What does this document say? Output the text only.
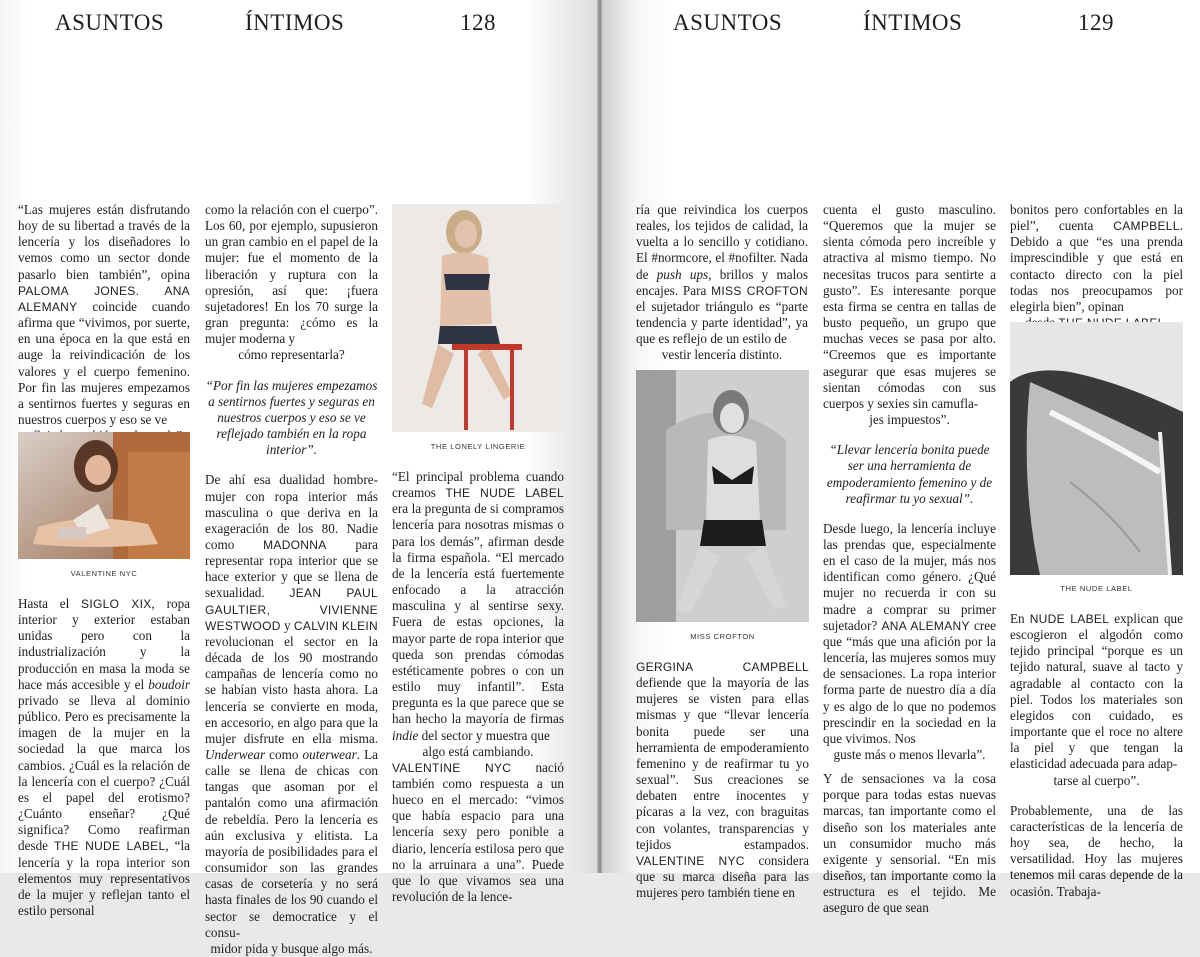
ASUNTOS	ÍNTIMOS	128

“Las mujeres están disfrutando hoy de su libertad a través de la lencería y los diseñadores lo vemos como un sector donde pasarlo bien también”, opina PALOMA JONES. ANA ALEMANY coincide cuando afirma que “vivimos, por suerte, en una época en la que está en auge la reivindicación de los valores y el cuerpo femenino. Por fin las mujeres empezamos a sentirnos fuertes y seguras en nuestros cuerpos y eso se ve

VALENTINE NYC

Hasta el SIGLO XIX, ropa interior y exterior estaban unidas pero con la industrialización y la producción en masa la moda se hace más accesible y el boudoir privado se lleva al dominio público. Pero es precisamente la imagen de la mujer en la sociedad la que marca los cambios. ¿Cuál es la relación de la lencería con el cuerpo? ¿Cuál es el papel del erotismo? ¿Cuánto enseñar? ¿Qué significa? Como reafirman desde THE NUDE LABEL, “la lencería y la ropa interior son elementos muy representativos de la mujer y reflejan tanto el estilo personal

como la relación con el cuerpo”. Los 60, por ejemplo, supusieron un gran cambio en el papel de la mujer: fue el momento de la liberación y ruptura con la opresión, así que: ¡fuera sujetadores! En los 70 surge la gran pregunta: ¿cómo es la mujer moderna y

cómo representarla?

“Por fin las mujeres empezamos a sentirnos fuertes y seguras en nuestros cuerpos y eso se ve reflejado también en la ropa interior”.

De ahí esa dualidad hombre-mujer con ropa interior más masculina o que deriva en la exageración de los 80. Nadie como MADONNA para representar ropa interior que se hace exterior y que se llena de sexualidad. JEAN PAUL GAULTIER, VIVIENNE WESTWOOD y CALVIN KLEIN revolucionan el sector en la década de los 90 mostrando campañas de lencería como no se habían visto hasta ahora. La lencería se convierte en moda, en accesorio, en algo para que la mujer disfrute en ella misma. Underwear como outerwear. La calle se llena de chicas con tangas que asoman por el pantalón como una afirmación de rebeldía. Pero la lencería es aún exclusiva y elitista. La mayoría de posibilidades para el consumidor son las grandes casas de corsetería y no será hasta finales de los 90 cuando el sector se democratice y el consu-

midor pida y busque algo más.

THE LONELY LINGERIE

“El principal problema cuando creamos THE NUDE LABEL era la pregunta de si compramos lencería para nosotras mismas o para los demás”, afirman desde la firma española. “El mercado de la lencería está fuertemente enfocado a la atracción masculina y al sentirse sexy. Fuera de estas opciones, la mayor parte de ropa interior que queda son prendas cómodas estéticamente pobres o con un estilo muy infantil”. Esta pregunta es la que parece que se han hecho la mayoría de firmas indie del sector y muestra que

algo está cambiando.

VALENTINE NYC nació también como respuesta a un hueco en el mercado: “vimos que había espacio para una lencería sexy pero ponible a diario, lencería estilosa pero que no la arruinara a una”. Puede que lo que vivamos sea una revolución de la lence-

ASUNTOS	ÍNTIMOS	129

ría que reivindica los cuerpos reales, los tejidos de calidad, la vuelta a lo sencillo y cotidiano. El #normcore, el #nofilter. Nada de push ups, brillos y malos encajes. Para MISS CROFTON el sujetador triángulo es “parte tendencia y parte identidad”, ya que es reflejo de un estilo de

vestir lencería distinto.

MISS CROFTON

GERGINA CAMPBELL defiende que la mayoría de las mujeres se visten para ellas mismas y que “llevar lencería bonita puede ser una herramienta de empoderamiento femenino y de reafirmar tu yo sexual”. Sus creaciones se debaten entre inocentes y pícaras a la vez, con braguitas con volantes, transparencias y tejidos estampados. VALENTINE NYC considera que su marca diseña para las mujeres pero también tiene en

cuenta el gusto masculino. “Queremos que la mujer se sienta cómoda pero increíble y atractiva al mismo tiempo. No necesitas trucos para sentirte a gusto”. Es interesante porque esta firma se centra en tallas de busto pequeño, un grupo que muchas veces se pasa por alto. “Creemos que es importante asegurar que esas mujeres se sientan cómodas con sus cuerpos y sexies sin camufla-

jes impuestos”.

“Llevar lencería bonita puede ser una herramienta de empoderamiento femenino y de reafirmar tu yo sexual”.

Desde luego, la lencería incluye las prendas que, especialmente en el caso de la mujer, más nos identifican como género. ¿Qué mujer no recuerda ir con su madre a comprar su primer sujetador? ANA ALEMANY cree que “más que una afición por la lencería, las mujeres somos muy de sensaciones. La ropa interior forma parte de nuestro día a día y es algo de lo que no podemos prescindir en la sociedad en la que vivimos. Nos

guste más o menos llevarla”.

Y de sensaciones va la cosa porque para todas estas nuevas marcas, tan importante como el diseño son los materiales ante un consumidor mucho más exigente y sensorial. “En mis diseños, tan importante como la estructura es el tejido. Me aseguro de que sean

bonitos pero confortables en la piel”, cuenta CAMPBELL. Debido a que “es una prenda imprescindible y que está en contacto directo con la piel todas nos preocupamos por elegirla bien”, opinan

THE NUDE LABEL

En NUDE LABEL explican que escogieron el algodón como tejido principal “porque es un tejido natural, suave al tacto y agradable al contacto con la piel. Todos los materiales son elegidos con cuidado, es importante que el roce no altere la piel y que tengan la elasticidad adecuada para adap-

tarse al cuerpo”.

Probablemente, una de las características de la lencería de hoy sea, de hecho, la versatilidad. Hoy las mujeres tenemos mil caras depende de la ocasión. Trabaja-
